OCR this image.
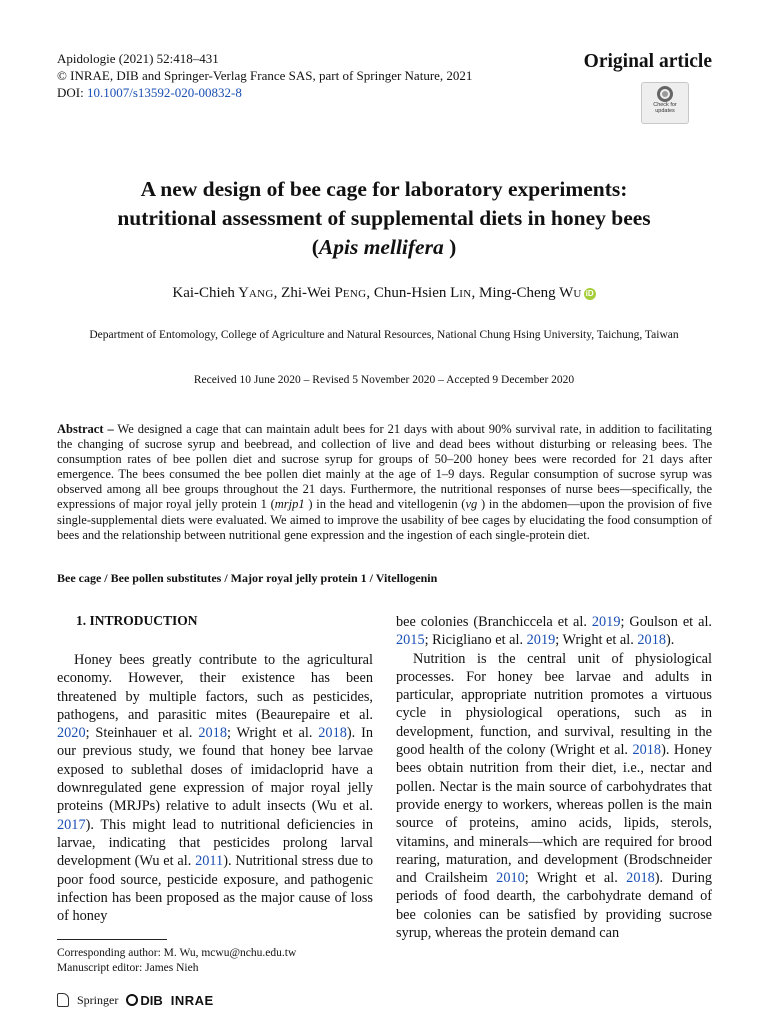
Apidologie (2021) 52:418–431
© INRAE, DIB and Springer-Verlag France SAS, part of Springer Nature, 2021
DOI: 10.1007/s13592-020-00832-8
Original article
Check for
updates
A new design of bee cage for laboratory experiments:
nutritional assessment of supplemental diets in honey bees
(Apis mellifera )
Kai-Chieh YANG, Zhi-Wei PENG, Chun-Hsien LIN, Ming-Cheng WU iD
Department of Entomology, College of Agriculture and Natural Resources, National Chung Hsing University, Taichung, Taiwan
Received 10 June 2020 – Revised 5 November 2020 – Accepted 9 December 2020
Abstract – We designed a cage that can maintain adult bees for 21 days with about 90% survival rate, in addition to facilitating the changing of sucrose syrup and beebread, and collection of live and dead bees without disturbing or releasing bees. The consumption rates of bee pollen diet and sucrose syrup for groups of 50–200 honey bees were recorded for 21 days after emergence. The bees consumed the bee pollen diet mainly at the age of 1–9 days. Regular consumption of sucrose syrup was observed among all bee groups throughout the 21 days. Furthermore, the nutritional responses of nurse bees—specifically, the expressions of major royal jelly protein 1 (mrjp1 ) in the head and vitellogenin (vg ) in the abdomen—upon the provision of five single-supplemental diets were evaluated. We aimed to improve the usability of bee cages by elucidating the food consumption of bees and the relationship between nutritional gene expression and the ingestion of each single-protein diet.
Bee cage / Bee pollen substitutes / Major royal jelly protein 1 / Vitellogenin
1. INTRODUCTION

Honey bees greatly contribute to the agricultural economy. However, their existence has been threatened by multiple factors, such as pesticides, pathogens, and parasitic mites (Beaurepaire et al. 2020; Steinhauer et al. 2018; Wright et al. 2018). In our previous study, we found that honey bee larvae exposed to sublethal doses of imidacloprid have a downregulated gene expression of major royal jelly proteins (MRJPs) relative to adult insects (Wu et al. 2017). This might lead to nutritional deficiencies in larvae, indicating that pesticides prolong larval development (Wu et al. 2011). Nutritional stress due to poor food source, pesticide exposure, and pathogenic infection has been proposed as the major cause of loss of honey

bee colonies (Branchiccela et al. 2019; Goulson et al. 2015; Ricigliano et al. 2019; Wright et al. 2018).

Nutrition is the central unit of physiological processes. For honey bee larvae and adults in particular, appropriate nutrition promotes a virtuous cycle in physiological operations, such as in development, function, and survival, resulting in the good health of the colony (Wright et al. 2018). Honey bees obtain nutrition from their diet, i.e., nectar and pollen. Nectar is the main source of carbohydrates that provide energy to workers, whereas pollen is the main source of proteins, amino acids, lipids, sterols, vitamins, and minerals—which are required for brood rearing, maturation, and development (Brodschneider and Crailsheim 2010; Wright et al. 2018). During periods of food dearth, the carbohydrate demand of bee colonies can be satisfied by providing sucrose syrup, whereas the protein demand can

Corresponding author: M. Wu, mcwu@nchu.edu.tw
Manuscript editor: James Nieh
Springer DIB INRAE
